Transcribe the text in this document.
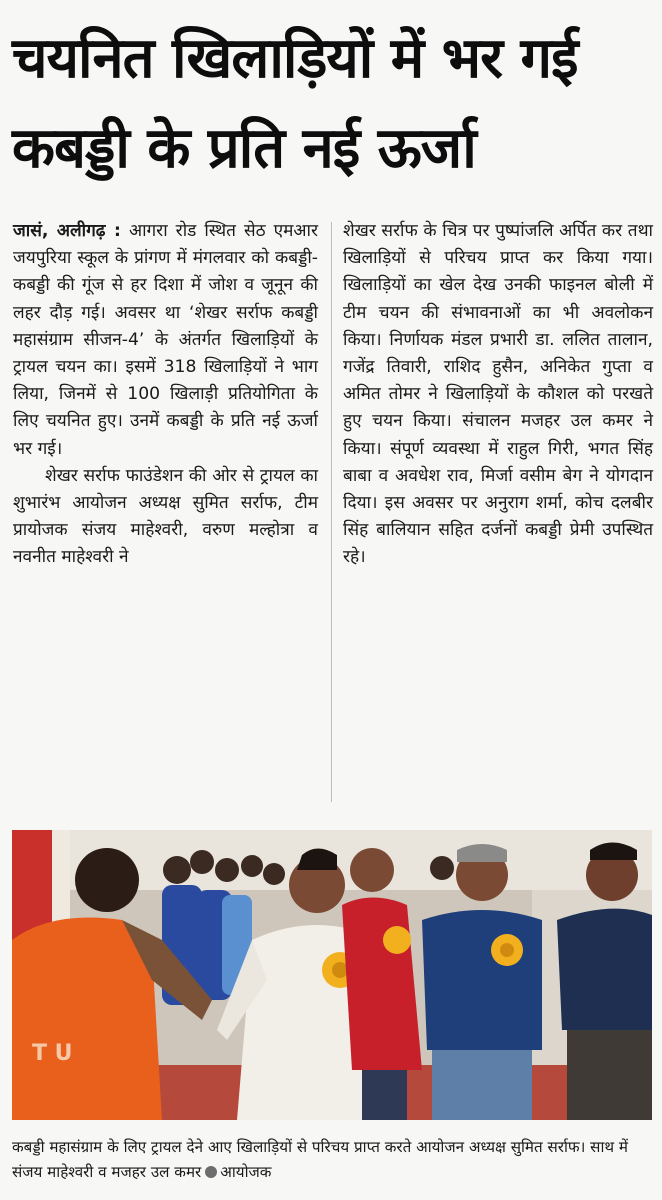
चयनित खिलाड़ियों में भर गई
कबड्डी के प्रति नई ऊर्जा

जासं, अलीगढ़ : आगरा रोड स्थित सेठ एमआर जयपुरिया स्कूल के प्रांगण में मंगलवार को कबड्डी-कबड्डी की गूंज से हर दिशा में जोश व जूनून की लहर दौड़ गई। अवसर था ‘शेखर सर्राफ कबड्डी महासंग्राम सीजन-4’ के अंतर्गत खिलाड़ियों के ट्रायल चयन का। इसमें 318 खिलाड़ियों ने भाग लिया, जिनमें से 100 खिलाड़ी प्रतियोगिता के लिए चयनित हुए। उनमें कबड्डी के प्रति नई ऊर्जा भर गई।

शेखर सर्राफ फाउंडेशन की ओर से ट्रायल का शुभारंभ आयोजन अध्यक्ष सुमित सर्राफ, टीम प्रायोजक संजय माहेश्वरी, वरुण मल्होत्रा व नवनीत माहेश्वरी ने

शेखर सर्राफ के चित्र पर पुष्पांजलि अर्पित कर तथा खिलाड़ियों से परिचय प्राप्त कर किया गया। खिलाड़ियों का खेल देख उनकी फाइनल बोली में टीम चयन की संभावनाओं का भी अवलोकन किया। निर्णायक मंडल प्रभारी डा. ललित तालान, गजेंद्र तिवारी, राशिद हुसैन, अनिकेत गुप्ता व अमित तोमर ने खिलाड़ियों के कौशल को परखते हुए चयन किया। संचालन मजहर उल कमर ने किया। संपूर्ण व्यवस्था में राहुल गिरी, भगत सिंह बाबा व अवधेश राव, मिर्जा वसीम बेग ने योगदान दिया। इस अवसर पर अनुराग शर्मा, कोच दलबीर सिंह बालियान सहित दर्जनों कबड्डी प्रेमी उपस्थित रहे।

T U
कबड्डी महासंग्राम के लिए ट्रायल देने आए खिलाड़ियों से परिचय प्राप्त करते आयोजन अध्यक्ष सुमित सर्राफ। साथ में संजय माहेश्वरी व मजहर उल कमर आयोजक
